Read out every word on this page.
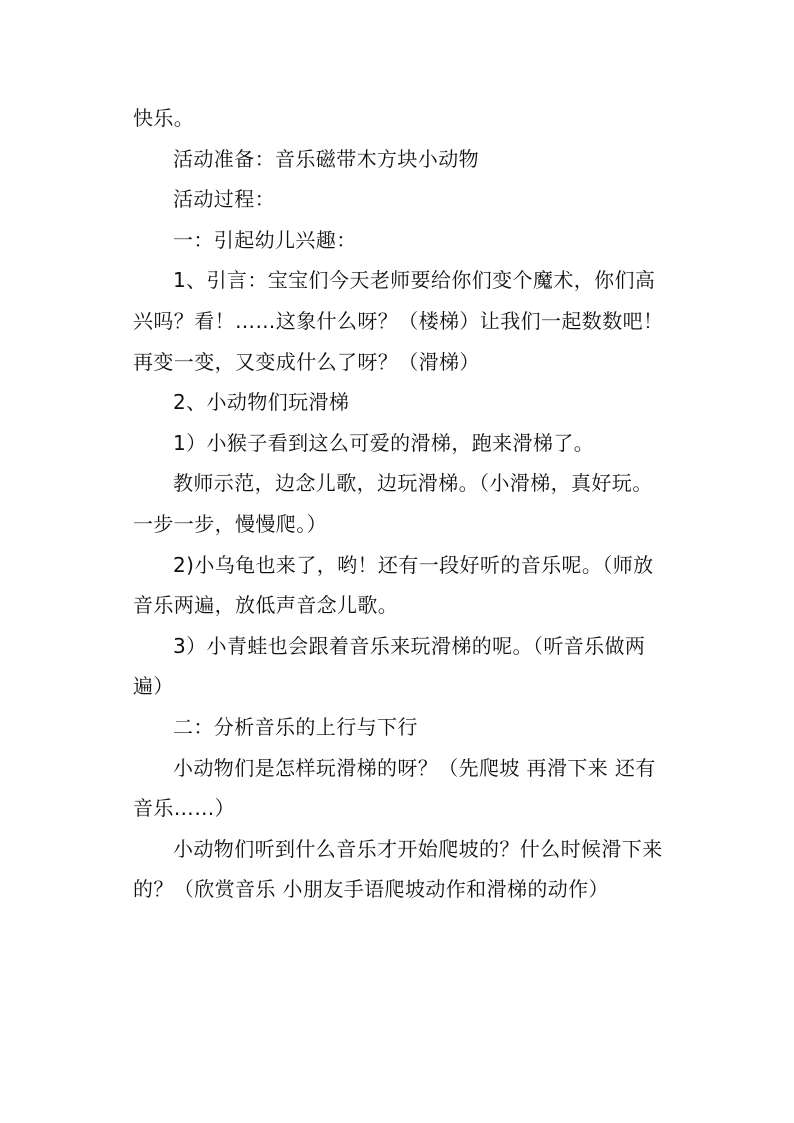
快乐。

活动准备：音乐磁带木方块小动物

活动过程：

一：引起幼儿兴趣：

1、引言：宝宝们今天老师要给你们变个魔术，你们高兴吗？看！……这象什么呀？（楼梯）让我们一起数数吧！再变一变，又变成什么了呀？（滑梯）

2、小动物们玩滑梯

1）小猴子看到这么可爱的滑梯，跑来滑梯了。

教师示范，边念儿歌，边玩滑梯。（小滑梯，真好玩。一步一步，慢慢爬。）

2)小乌龟也来了，哟！还有一段好听的音乐呢。（师放音乐两遍，放低声音念儿歌。

3）小青蛙也会跟着音乐来玩滑梯的呢。（听音乐做两遍）

二：分析音乐的上行与下行

小动物们是怎样玩滑梯的呀？（先爬坡 再滑下来 还有音乐……）

小动物们听到什么音乐才开始爬坡的？什么时候滑下来的？（欣赏音乐 小朋友手语爬坡动作和滑梯的动作）
